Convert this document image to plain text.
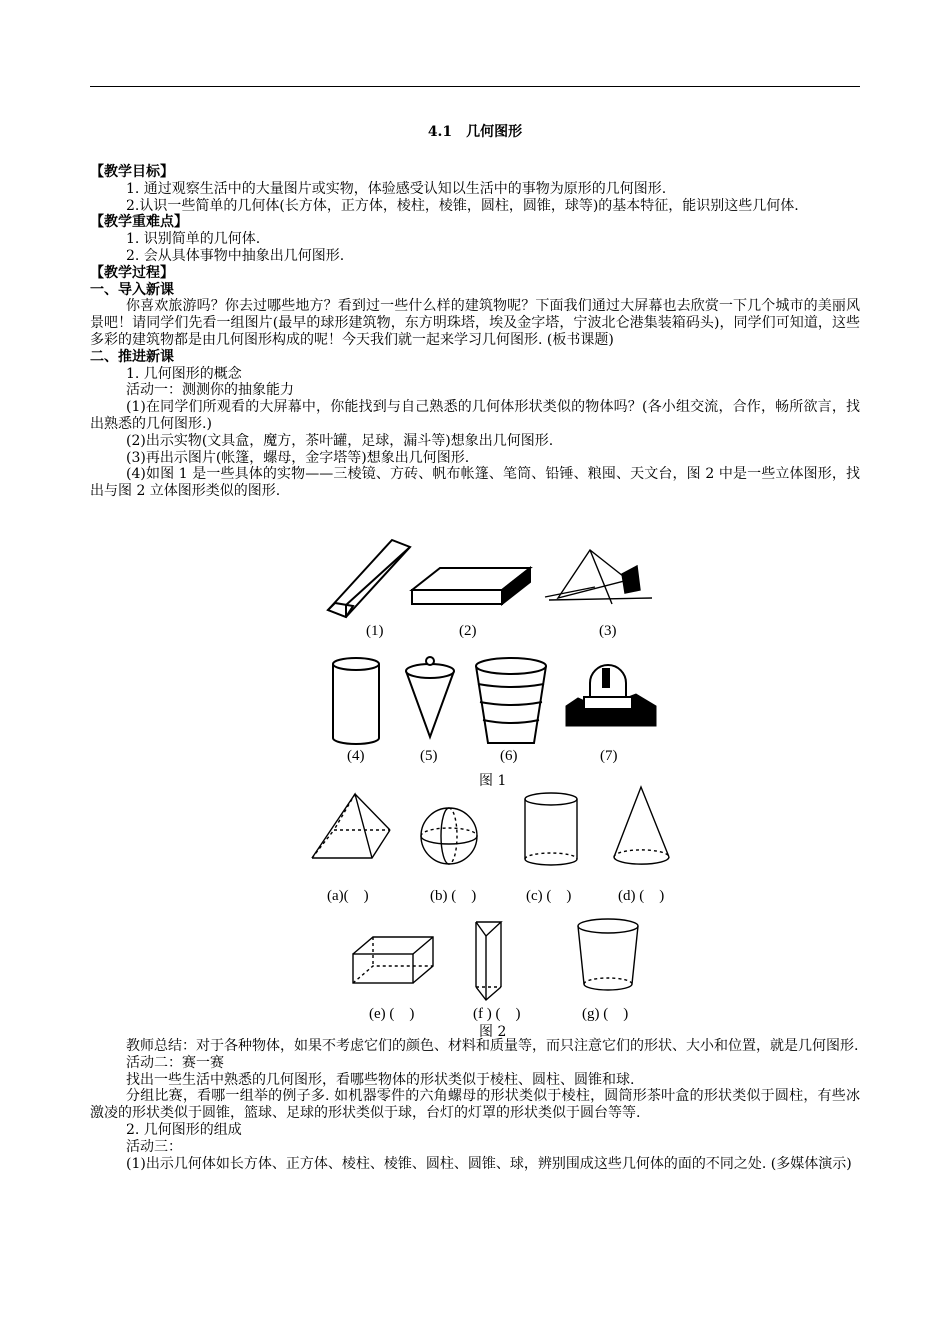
4.1　几何图形

【教学目标】

1. 通过观察生活中的大量图片或实物，体验感受认知以生活中的事物为原形的几何图形.

2.认识一些简单的几何体(长方体，正方体，棱柱，棱锥，圆柱，圆锥，球等)的基本特征，能识别这些几何体.

【教学重难点】

1. 识别简单的几何体.

2. 会从具体事物中抽象出几何图形.

【教学过程】

一、导入新课

你喜欢旅游吗？你去过哪些地方？看到过一些什么样的建筑物呢？下面我们通过大屏幕也去欣赏一下几个城市的美丽风景吧！请同学们先看一组图片(最早的球形建筑物，东方明珠塔，埃及金字塔，宁波北仑港集装箱码头)，同学们可知道，这些多彩的建筑物都是由几何图形构成的呢！今天我们就一起来学习几何图形. (板书课题)

二、推进新课

1. 几何图形的概念

活动一：测测你的抽象能力

(1)在同学们所观看的大屏幕中，你能找到与自己熟悉的几何体形状类似的物体吗？(各小组交流，合作，畅所欲言，找出熟悉的几何图形.)

(2)出示实物(文具盒，魔方，茶叶罐，足球，漏斗等)想象出几何图形.

(3)再出示图片(帐篷，螺母，金字塔等)想象出几何图形.

(4)如图 1 是一些具体的实物——三棱镜、方砖、帆布帐篷、笔筒、铅锤、粮囤、天文台，图 2 中是一些立体图形，找出与图 2 立体图形类似的图形.

(1)	(2)	(3)
(4)	(5)	(6)	(7)
图 1
(a)(　)	(b) (　)	(c) (　)	(d) (　)
(e) (　)	(f ) (　)	(g) (　)
图 2

教师总结：对于各种物体，如果不考虑它们的颜色、材料和质量等，而只注意它们的形状、大小和位置，就是几何图形.

活动二：赛一赛

找出一些生活中熟悉的几何图形，看哪些物体的形状类似于棱柱、圆柱、圆锥和球.

分组比赛，看哪一组举的例子多. 如机器零件的六角螺母的形状类似于棱柱，圆筒形茶叶盒的形状类似于圆柱，有些冰激凌的形状类似于圆锥，篮球、足球的形状类似于球，台灯的灯罩的形状类似于圆台等等.

2. 几何图形的组成

活动三：

(1)出示几何体如长方体、正方体、棱柱、棱锥、圆柱、圆锥、球，辨别围成这些几何体的面的不同之处. (多媒体演示)
